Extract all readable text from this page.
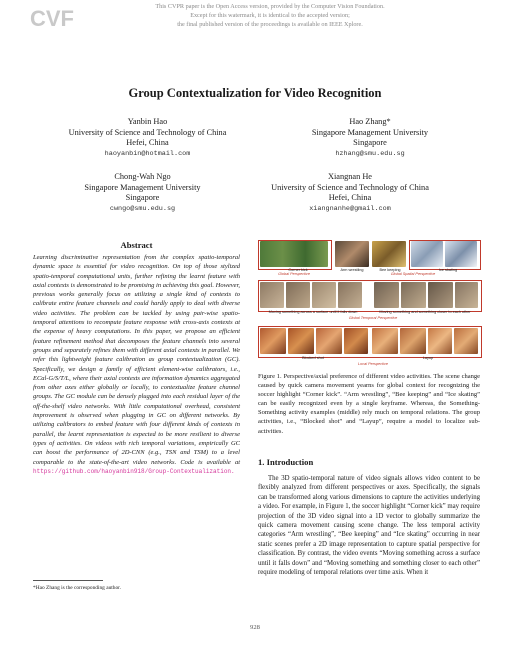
CVF	This CVPR paper is the Open Access version, provided by the Computer Vision Foundation.
Except for this watermark, it is identical to the accepted version;
the final published version of the proceedings is available on IEEE Xplore.
Group Contextualization for Video Recognition
Yanbin Hao
University of Science and Technology of China
Hefei, China
haoyanbin@hotmail.com
Hao Zhang*
Singapore Management University
Singapore
hzhang@smu.edu.sg
Chong-Wah Ngo
Singapore Management University
Singapore
cwngo@smu.edu.sg
Xiangnan He
University of Science and Technology of China
Hefei, China
xiangnanhe@gmail.com
Abstract
Learning discriminative representation from the complex spatio-temporal dynamic space is essential for video recognition. On top of those stylized spatio-temporal computational units, further refining the learnt feature with axial contexts is demonstrated to be promising in achieving this goal. However, previous works generally focus on utilizing a single kind of contexts to calibrate entire feature channels and could hardly apply to deal with diverse video activities. The problem can be tackled by using pair-wise spatio-temporal attentions to recompute feature response with cross-axis contexts at the expense of heavy computations. In this paper, we propose an efficient feature refinement method that decomposes the feature channels into several groups and separately refines them with different axial contexts in parallel. We refer this lightweight feature calibration as group contextualization (GC). Specifically, we design a family of efficient element-wise calibrators, i.e., ECal-G/S/T/L, where their axial contexts are information dynamics aggregated from other axes either globally or locally, to contextualize feature channel groups. The GC module can be densely plugged into each residual layer of the off-the-shelf video networks. With little computational overhead, consistent improvement is observed when plugging in GC on different networks. By utilizing calibrators to embed feature with four different kinds of contexts in parallel, the learnt representation is expected to be more resilient to diverse types of activities. On videos with rich temporal variations, empirically GC can boost the performance of 2D-CNN (e.g., TSN and TSM) to a level comparable to the state-of-the-art video networks. Code is available at https://github.com/haoyanbin918/Group-Contextualization.
*Hao Zhang is the corresponding author.
Corner kick	Arm wrestling	Bee keeping	Ice skating
Global Perspective	Global Spatial Perspective
Moving something across a surface until it falls down	Moving something and something closer to each other
Global Temporal Perspective
Blocked shot	Layup
Local Perspective
Figure 1. Perspective/axial preference of different video activities. The scene change caused by quick camera movement yearns for global context for recognizing the soccer highlight “Corner kick”. “Arm wrestling”, “Bee keeping” and “Ice skating” can be easily recognized even by a single keyframe. Whereas, the Something-Something activity examples (middle) rely much on temporal relations. The group activities, i.e., “Blocked shot” and “Layup”, require a model to localize sub-activities.
1. Introduction
The 3D spatio-temporal nature of video signals allows video content to be flexibly analyzed from different perspectives or axes. Specifically, the signals can be transformed along various dimensions to capture the activities underlying a video. For example, in Figure 1, the soccer highlight “Corner kick” may require projection of the 3D video signal into a 1D vector to globally summarize the quick camera movement causing scene change. The less temporal activity categories “Arm wrestling”, “Bee keeping” and “Ice skating” occurring in near static scenes prefer a 2D image representation to capture spatial perspective for classification. By contrast, the video events “Moving something across a surface until it falls down” and “Moving something and something closer to each other” require modeling of temporal relations over time axis. When it
928
